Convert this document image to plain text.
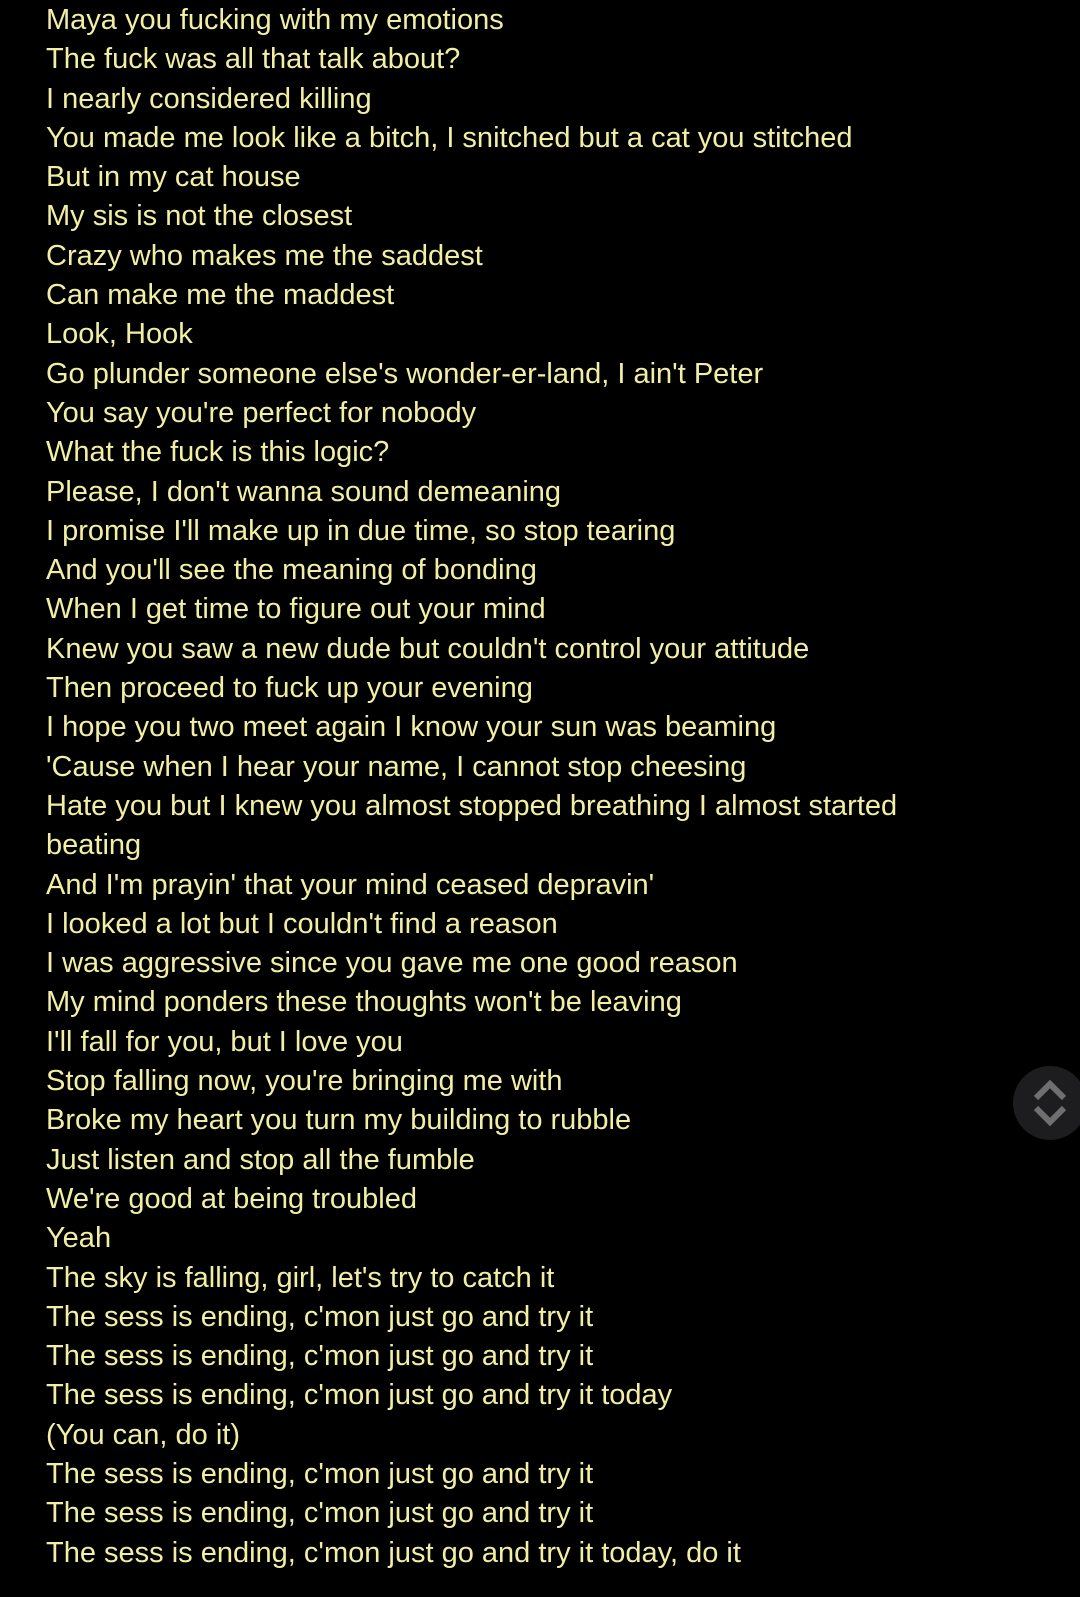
Maya you fucking with my emotions
The fuck was all that talk about?
I nearly considered killing
You made me look like a bitch, I snitched but a cat you stitched
But in my cat house
My sis is not the closest
Crazy who makes me the saddest
Can make me the maddest
Look, Hook
Go plunder someone else's wonder-er-land, I ain't Peter
You say you're perfect for nobody
What the fuck is this logic?
Please, I don't wanna sound demeaning
I promise I'll make up in due time, so stop tearing
And you'll see the meaning of bonding
When I get time to figure out your mind
Knew you saw a new dude but couldn't control your attitude
Then proceed to fuck up your evening
I hope you two meet again I know your sun was beaming
'Cause when I hear your name, I cannot stop cheesing
Hate you but I knew you almost stopped breathing I almost started beating
And I'm prayin' that your mind ceased depravin'
I looked a lot but I couldn't find a reason
I was aggressive since you gave me one good reason
My mind ponders these thoughts won't be leaving
I'll fall for you, but I love you
Stop falling now, you're bringing me with
Broke my heart you turn my building to rubble
Just listen and stop all the fumble
We're good at being troubled
Yeah
The sky is falling, girl, let's try to catch it
The sess is ending, c'mon just go and try it
The sess is ending, c'mon just go and try it
The sess is ending, c'mon just go and try it today
(You can, do it)
The sess is ending, c'mon just go and try it
The sess is ending, c'mon just go and try it
The sess is ending, c'mon just go and try it today, do it
